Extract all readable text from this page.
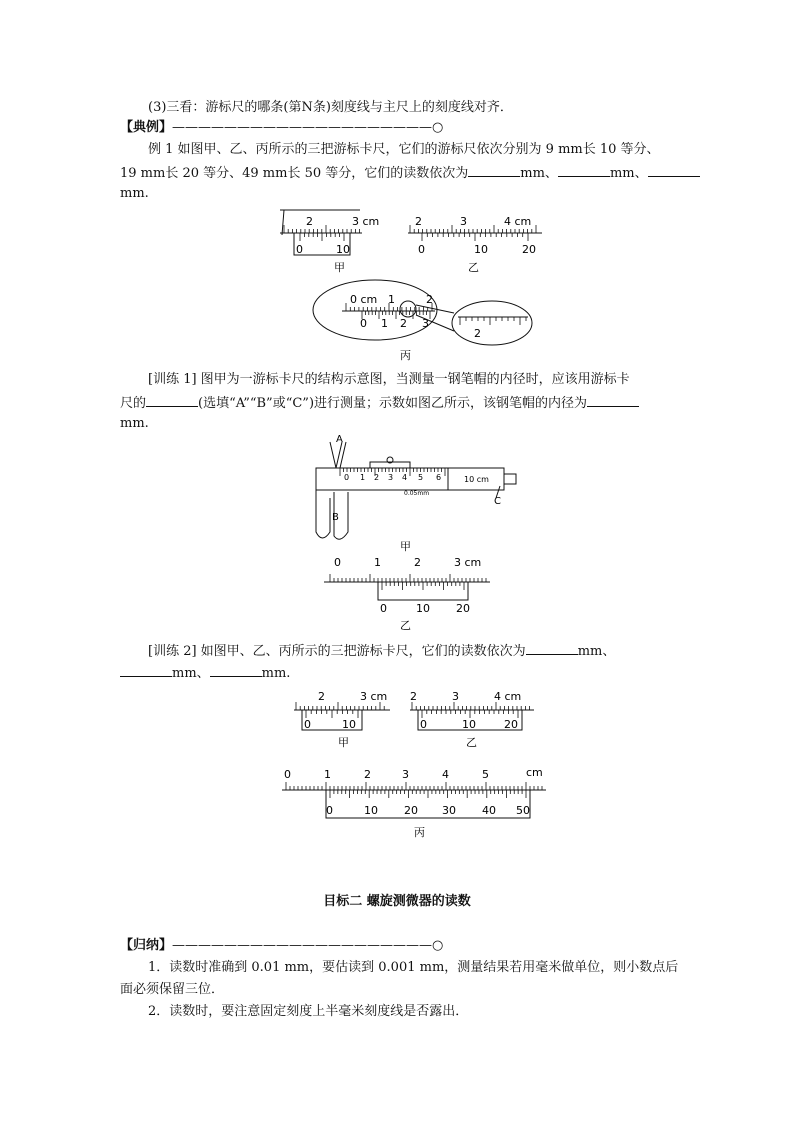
(3)三看：游标尺的哪条(第N条)刻度线与主尺上的刻度线对齐．
【典例】————————————————————○
例 1 如图甲、乙、丙所示的三把游标卡尺，它们的游标尺依次分别为 9 mm长 10 等分、
19 mm长 20 等分、49 mm长 50 等分，它们的读数依次为	mm、	mm、
mm.
2	3 cm
0	10
甲
2	3	4 cm
0	10	20
乙
0 cm 1	2
0 1 2 3
2
丙
[训练 1] 图甲为一游标卡尺的结构示意图，当测量一钢笔帽的内径时，应该用游标卡
尺的	(选填“A”“B”或“C”)进行测量；示数如图乙所示，该钢笔帽的内径为
mm.
A
B
C
0 1 2 3 4 5 6	10 cm
0.05mm
甲
0	1	2	3 cm
0	10 20
乙
[训练 2] 如图甲、乙、丙所示的三把游标卡尺，它们的读数依次为	mm、
mm、	mm.
2	3 cm
0	10
甲
2	3	4 cm
0	10	20
乙
0	1	2	3	4	5	cm
0	10 20 30 40 50
丙
目标二 螺旋测微器的读数
【归纳】————————————————————○
1．读数时准确到 0.01 mm，要估读到 0.001 mm，测量结果若用毫米做单位，则小数点后
面必须保留三位．
2．读数时，要注意固定刻度上半毫米刻度线是否露出．
